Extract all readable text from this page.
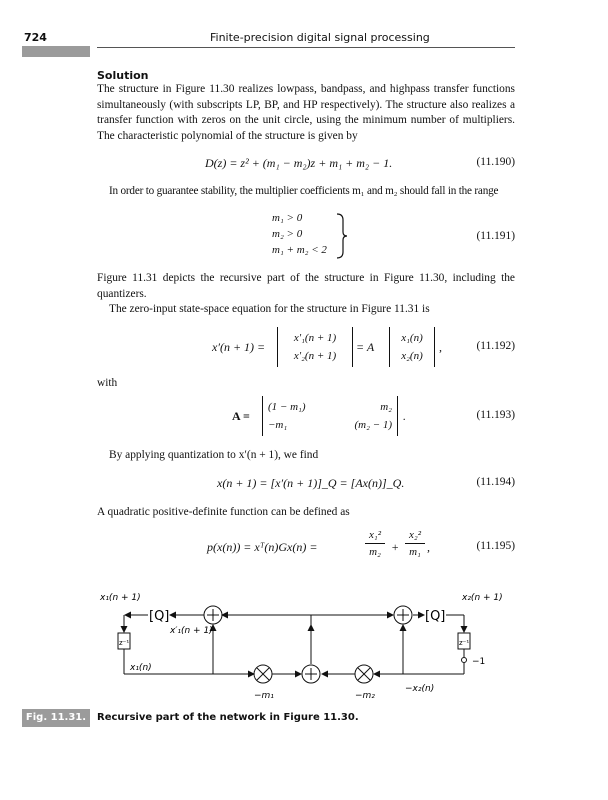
724	Finite-precision digital signal processing
Solution
The structure in Figure 11.30 realizes lowpass, bandpass, and highpass transfer functions simultaneously (with subscripts LP, BP, and HP respectively). The structure also realizes a transfer function with zeros on the unit circle, using the minimum number of multipliers. The characteristic polynomial of the structure is given by
D(z) = z² + (m₁ − m₂)z + m₁ + m₂ − 1.	(11.190)
In order to guarantee stability, the multiplier coefficients m₁ and m₂ should fall in the range
m₁ > 0
m₂ > 0
m₁ + m₂ < 2
(11.191)
Figure 11.31 depicts the recursive part of the structure in Figure 11.30, including the quantizers.
The zero-input state-space equation for the structure in Figure 11.31 is
x′(n + 1) =
x′₁(n + 1)
x′₂(n + 1)
= A
x₁(n)
x₂(n)
,	(11.192)
with
A =
(1 − m₁)	m₂
−m₁	(m₂ − 1)
.	(11.193)
By applying quantization to x′(n + 1), we find
x(n + 1) = [x′(n + 1)]_Q = [Ax(n)]_Q.	(11.194)
A quadratic positive-definite function can be defined as
p(x(n)) = xᵀ(n)Gx(n) =	$\frac{\text{x₁²}}{\text{m₂}} + \frac{\text{x₂²}}{\text{m₁}}$ ,	(11.195)
x₁(n + 1)	x₂(n + 1)
[Q]	[Q]
x′₁(n + 1)
z⁻¹	z⁻¹
x₁(n)
−1
−x₂(n)
−m₁	−m₂
Fig. 11.31.	Recursive part of the network in Figure 11.30.
